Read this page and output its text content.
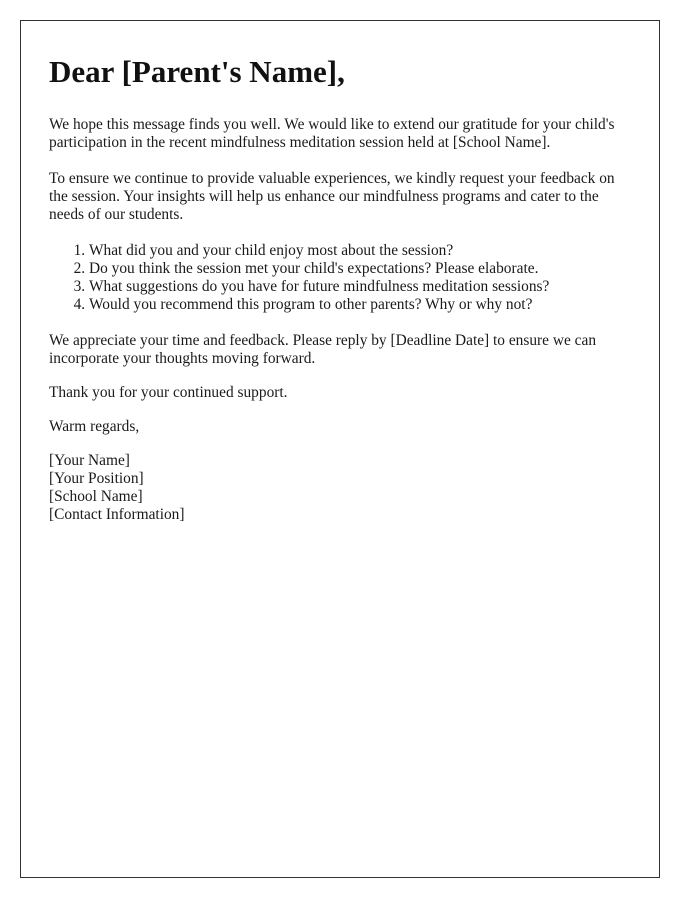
Dear [Parent's Name],

We hope this message finds you well. We would like to extend our gratitude for your child's participation in the recent mindfulness meditation session held at [School Name].

To ensure we continue to provide valuable experiences, we kindly request your feedback on the session. Your insights will help us enhance our mindfulness programs and cater to the needs of our students.

1. What did you and your child enjoy most about the session?
2. Do you think the session met your child's expectations? Please elaborate.
3. What suggestions do you have for future mindfulness meditation sessions?
4. Would you recommend this program to other parents? Why or why not?

We appreciate your time and feedback. Please reply by [Deadline Date] to ensure we can incorporate your thoughts moving forward.

Thank you for your continued support.

Warm regards,

[Your Name]
[Your Position]
[School Name]
[Contact Information]
